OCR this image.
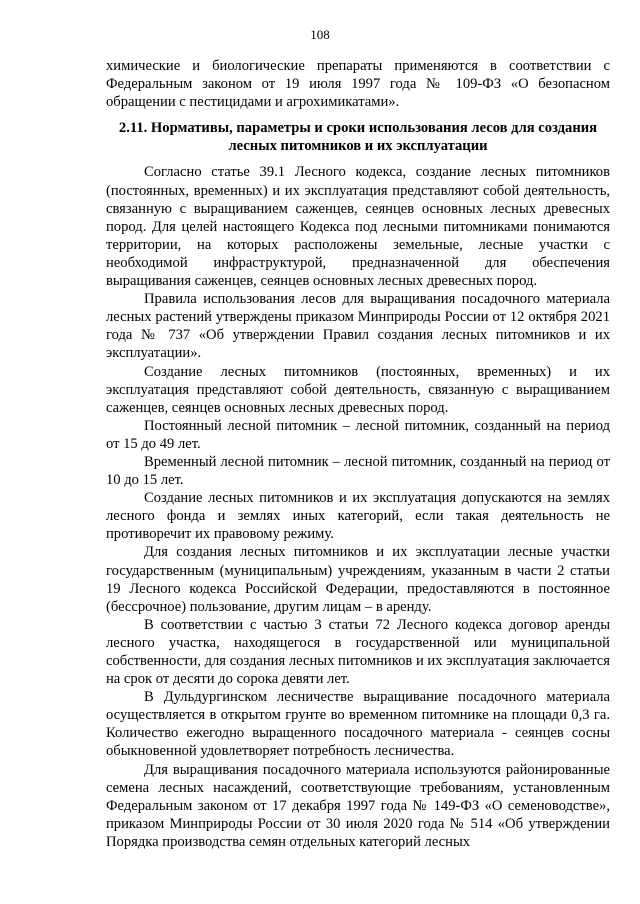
108

химические и биологические препараты применяются в соответствии с Федеральным законом от 19 июля 1997 года № 109-ФЗ «О безопасном обращении с пестицидами и агрохимикатами».

2.11. Нормативы, параметры и сроки использования лесов для создания лесных питомников и их эксплуатации

Согласно статье 39.1 Лесного кодекса, создание лесных питомников (постоянных, временных) и их эксплуатация представляют собой деятельность, связанную с выращиванием саженцев, сеянцев основных лесных древесных пород. Для целей настоящего Кодекса под лесными питомниками понимаются территории, на которых расположены земельные, лесные участки с необходимой инфраструктурой, предназначенной для обеспечения выращивания саженцев, сеянцев основных лесных древесных пород.

Правила использования лесов для выращивания посадочного материала лесных растений утверждены приказом Минприроды России от 12 октября 2021 года № 737 «Об утверждении Правил создания лесных питомников и их эксплуатации».

Создание лесных питомников (постоянных, временных) и их эксплуатация представляют собой деятельность, связанную с выращиванием саженцев, сеянцев основных лесных древесных пород.

Постоянный лесной питомник – лесной питомник, созданный на период от 15 до 49 лет.

Временный лесной питомник – лесной питомник, созданный на период от 10 до 15 лет.

Создание лесных питомников и их эксплуатация допускаются на землях лесного фонда и землях иных категорий, если такая деятельность не противоречит их правовому режиму.

Для создания лесных питомников и их эксплуатации лесные участки государственным (муниципальным) учреждениям, указанным в части 2 статьи 19 Лесного кодекса Российской Федерации, предоставляются в постоянное (бессрочное) пользование, другим лицам – в аренду.

В соответствии с частью 3 статьи 72 Лесного кодекса договор аренды лесного участка, находящегося в государственной или муниципальной собственности, для создания лесных питомников и их эксплуатация заключается на срок от десяти до сорока девяти лет.

В Дульдургинском лесничестве выращивание посадочного материала осуществляется в открытом грунте во временном питомнике на площади 0,3 га. Количество ежегодно выращенного посадочного материала - сеянцев сосны обыкновенной удовлетворяет потребность лесничества.

Для выращивания посадочного материала используются районированные семена лесных насаждений, соответствующие требованиям, установленным Федеральным законом от 17 декабря 1997 года № 149-ФЗ «О семеноводстве», приказом Минприроды России от 30 июля 2020 года № 514 «Об утверждении Порядка производства семян отдельных категорий лесных
